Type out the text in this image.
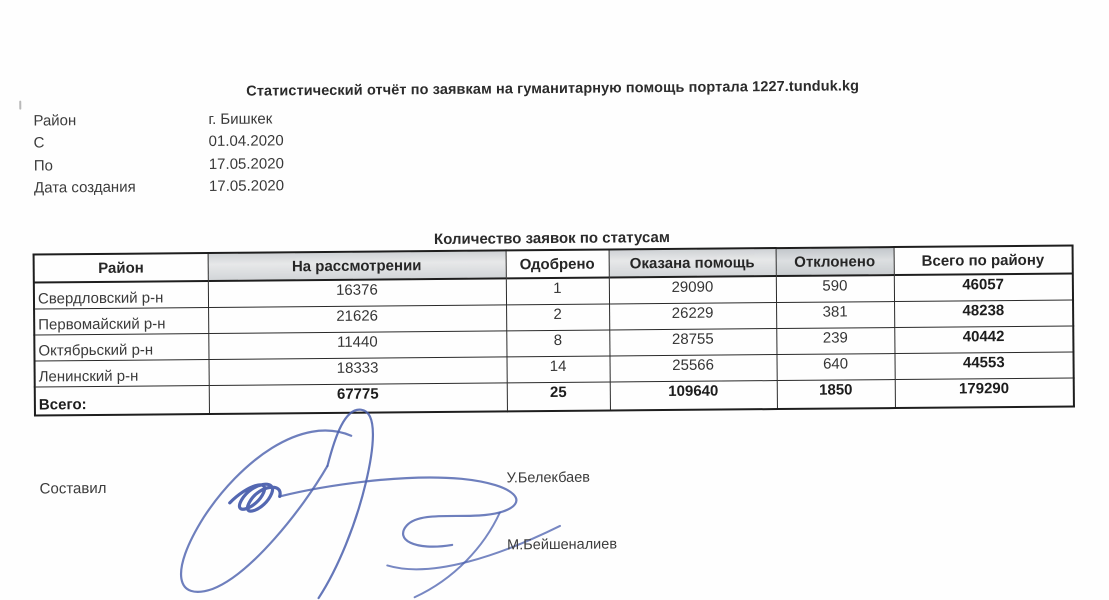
Статистический отчёт по заявкам на гуманитарную помощь портала 1227.tunduk.kg
Район	г. Бишкек
С	01.04.2020
По	17.05.2020
Дата создания	17.05.2020
Количество заявок по статусам
Район	На рассмотрении	Одобрено	Оказана помощь	Отклонено	Всего по району
Свердловский р-н	16376	1	29090	590	46057
Первомайский р-н	21626	2	26229	381	48238
Октябрьский р-н	11440	8	28755	239	40442
Ленинский р-н	18333	14	25566	640	44553
Всего:	67775	25	109640	1850	179290
Составил
У.Белекбаев
М.Бейшеналиев
